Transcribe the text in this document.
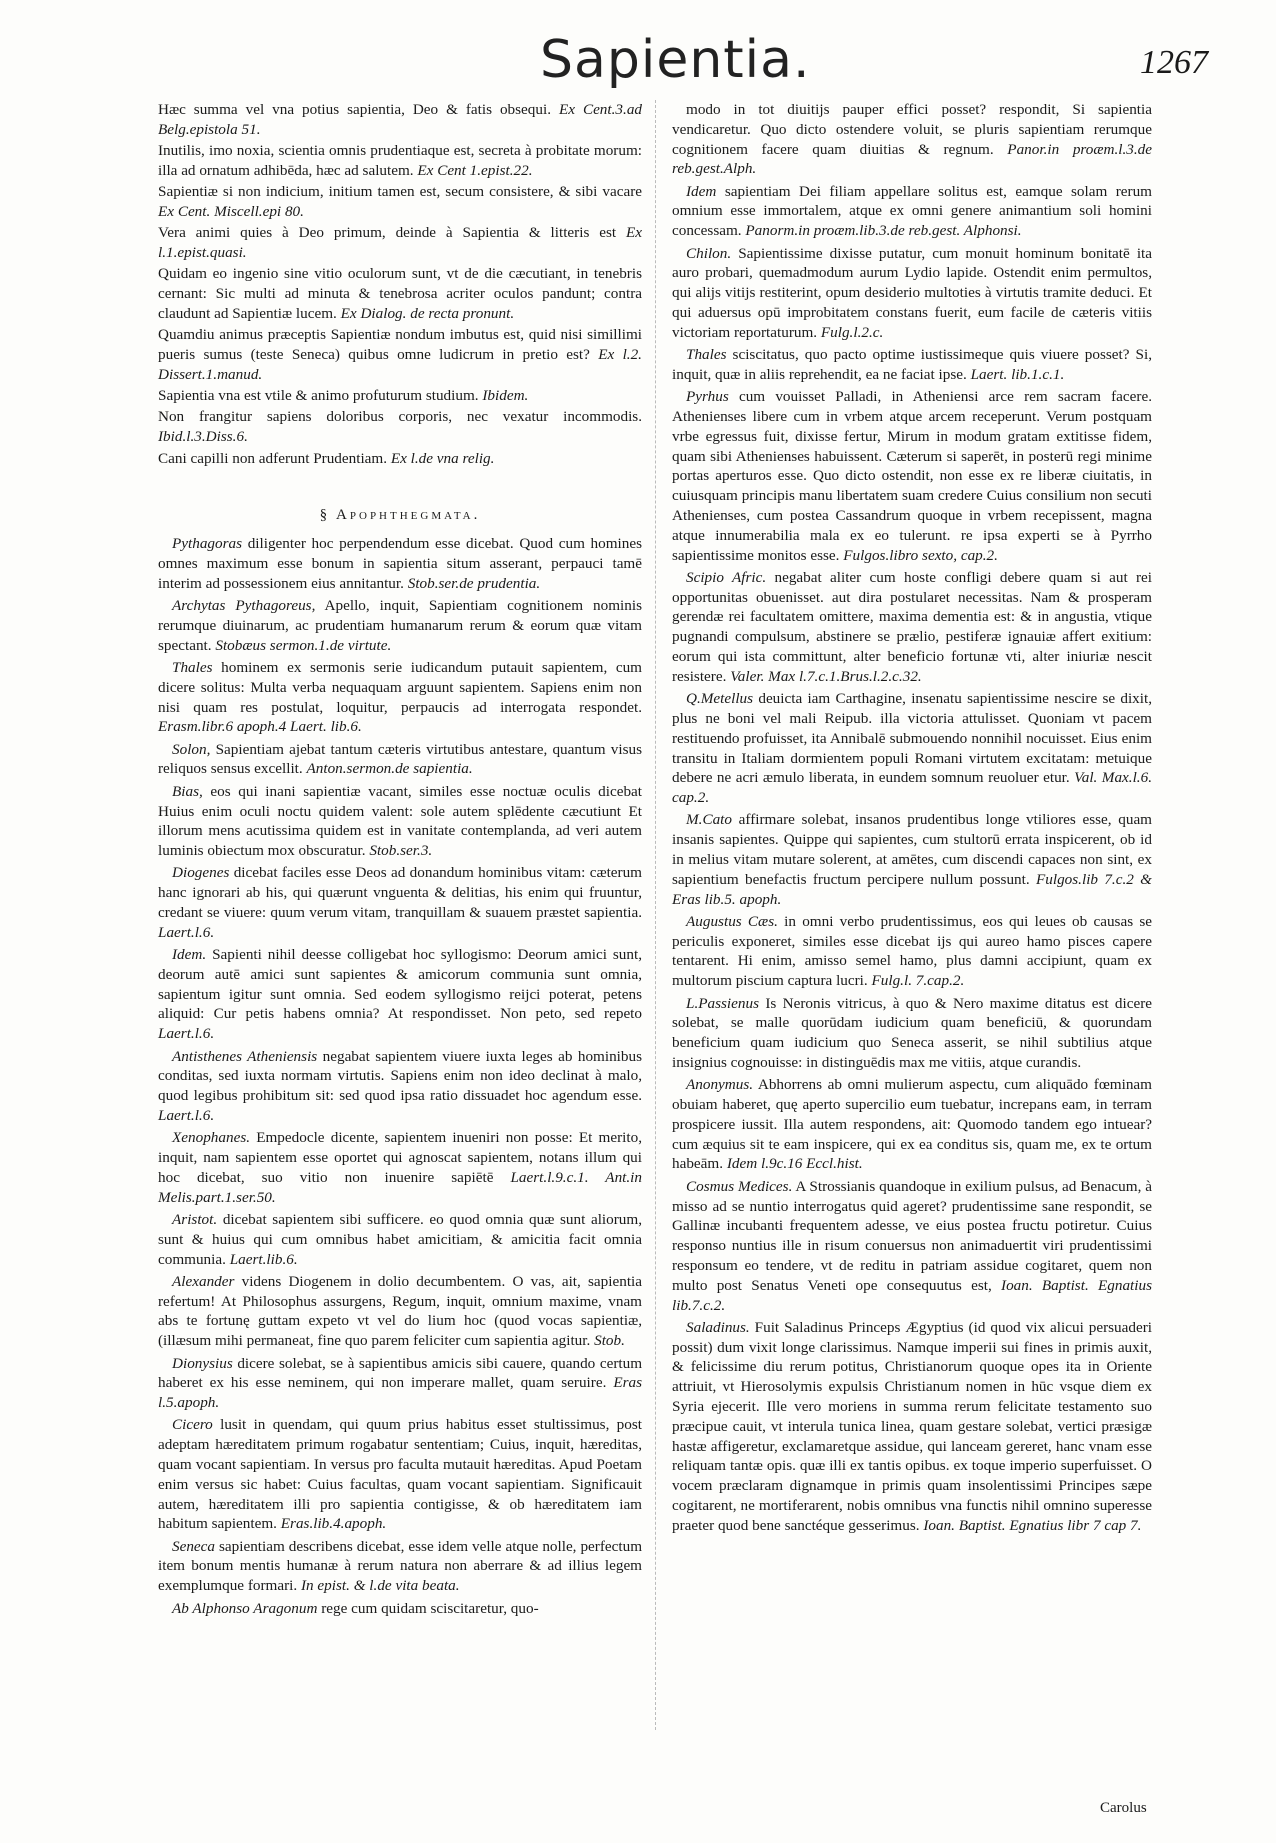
Sapientia.	1267

Hæc summa vel vna potius sapientia, Deo & fatis obsequi. Ex Cent.3.ad Belg.epistola 51.

Inutilis, imo noxia, scientia omnis prudentiaque est, secreta à probitate morum: illa ad ornatum adhibēda, hæc ad salutem. Ex Cent 1.epist.22.

Sapientiæ si non indicium, initium tamen est, secum consistere, & sibi vacare Ex Cent. Miscell.epi 80.

Vera animi quies à Deo primum, deinde à Sapientia & litteris est Ex l.1.epist.quasi.

Quidam eo ingenio sine vitio oculorum sunt, vt de die cæcutiant, in tenebris cernant: Sic multi ad minuta & tenebrosa acriter oculos pandunt; contra claudunt ad Sapientiæ lucem. Ex Dialog. de recta pronunt.

Quamdiu animus præceptis Sapientiæ nondum imbutus est, quid nisi simillimi pueris sumus (teste Seneca) quibus omne ludicrum in pretio est? Ex l.2. Dissert.1.manud.

Sapientia vna est vtile & animo profuturum studium. Ibidem.

Non frangitur sapiens doloribus corporis, nec vexatur incommodis. Ibid.l.3.Diss.6.

Cani capilli non adferunt Prudentiam. Ex l.de vna relig.

§ Apophthegmata.

Pythagoras diligenter hoc perpendendum esse dicebat. Quod cum homines omnes maximum esse bonum in sapientia situm asserant, perpauci tamē interim ad possessionem eius annitantur. Stob.ser.de prudentia.

Archytas Pythagoreus, Apello, inquit, Sapientiam cognitionem nominis rerumque diuinarum, ac prudentiam humanarum rerum & eorum quæ vitam spectant. Stobæus sermon.1.de virtute.

Thales hominem ex sermonis serie iudicandum putauit sapientem, cum dicere solitus: Multa verba nequaquam arguunt sapientem. Sapiens enim non nisi quam res postulat, loquitur, perpaucis ad interrogata respondet. Erasm.libr.6 apoph.4 Laert. lib.6.

Solon, Sapientiam ajebat tantum cæteris virtutibus antestare, quantum visus reliquos sensus excellit. Anton.sermon.de sapientia.

Bias, eos qui inani sapientiæ vacant, similes esse noctuæ oculis dicebat Huius enim oculi noctu quidem valent: sole autem splēdente cæcutiunt Et illorum mens acutissima quidem est in vanitate contemplanda, ad veri autem luminis obiectum mox obscuratur. Stob.ser.3.

Diogenes dicebat faciles esse Deos ad donandum hominibus vitam: cæterum hanc ignorari ab his, qui quærunt vnguenta & delitias, his enim qui fruuntur, credant se viuere: quum verum vitam, tranquillam & suauem præstet sapientia. Laert.l.6.

Idem. Sapienti nihil deesse colligebat hoc syllogismo: Deorum amici sunt, deorum autē amici sunt sapientes & amicorum communia sunt omnia, sapientum igitur sunt omnia. Sed eodem syllogismo reijci poterat, petens aliquid: Cur petis habens omnia? At respondisset. Non peto, sed repeto Laert.l.6.

Antisthenes Atheniensis negabat sapientem viuere iuxta leges ab hominibus conditas, sed iuxta normam virtutis. Sapiens enim non ideo declinat à malo, quod legibus prohibitum sit: sed quod ipsa ratio dissuadet hoc agendum esse. Laert.l.6.

Xenophanes. Empedocle dicente, sapientem inueniri non posse: Et merito, inquit, nam sapientem esse oportet qui agnoscat sapientem, notans illum qui hoc dicebat, suo vitio non inuenire sapiētē Laert.l.9.c.1. Ant.in Melis.part.1.ser.50.

Aristot. dicebat sapientem sibi sufficere. eo quod omnia quæ sunt aliorum, sunt & huius qui cum omnibus habet amicitiam, & amicitia facit omnia communia. Laert.lib.6.

Alexander videns Diogenem in dolio decumbentem. O vas, ait, sapientia refertum! At Philosophus assurgens, Regum, inquit, omnium maxime, vnam abs te fortunę guttam expeto vt vel do lium hoc (quod vocas sapientiæ, (illæsum mihi permaneat, fine quo parem feliciter cum sapientia agitur. Stob.

Dionysius dicere solebat, se à sapientibus amicis sibi cauere, quando certum haberet ex his esse neminem, qui non imperare mallet, quam seruire. Eras l.5.apoph.

Cicero lusit in quendam, qui quum prius habitus esset stultissimus, post adeptam hæreditatem primum rogabatur sententiam; Cuius, inquit, hæreditas, quam vocant sapientiam. In versus pro faculta mutauit hæreditas. Apud Poetam enim versus sic habet: Cuius facultas, quam vocant sapientiam. Significauit autem, hæreditatem illi pro sapientia contigisse, & ob hæreditatem iam habitum sapientem. Eras.lib.4.apoph.

Seneca sapientiam describens dicebat, esse idem velle atque nolle, perfectum item bonum mentis humanæ à rerum natura non aberrare & ad illius legem exemplumque formari. In epist. & l.de vita beata.

Ab Alphonso Aragonum rege cum quidam sciscitaretur, quo-

modo in tot diuitijs pauper effici posset? respondit, Si sapientia vendicaretur. Quo dicto ostendere voluit, se pluris sapientiam rerumque cognitionem facere quam diuitias & regnum. Panor.in proæm.l.3.de reb.gest.Alph.

Idem sapientiam Dei filiam appellare solitus est, eamque solam rerum omnium esse immortalem, atque ex omni genere animantium soli homini concessam. Panorm.in proæm.lib.3.de reb.gest. Alphonsi.

Chilon. Sapientissime dixisse putatur, cum monuit hominum bonitatē ita auro probari, quemadmodum aurum Lydio lapide. Ostendit enim permultos, qui alijs vitijs restiterint, opum desiderio multoties à virtutis tramite deduci. Et qui aduersus opū improbitatem constans fuerit, eum facile de cæteris vitiis victoriam reportaturum. Fulg.l.2.c.

Thales sciscitatus, quo pacto optime iustissimeque quis viuere posset? Si, inquit, quæ in aliis reprehendit, ea ne faciat ipse. Laert. lib.1.c.1.

Pyrhus cum vouisset Palladi, in Atheniensi arce rem sacram facere. Athenienses libere cum in vrbem atque arcem receperunt. Verum postquam vrbe egressus fuit, dixisse fertur, Mirum in modum gratam extitisse fidem, quam sibi Athenienses habuissent. Cæterum si saperēt, in posterū regi minime portas aperturos esse. Quo dicto ostendit, non esse ex re liberæ ciuitatis, in cuiusquam principis manu libertatem suam credere Cuius consilium non secuti Athenienses, cum postea Cassandrum quoque in vrbem recepissent, magna atque innumerabilia mala ex eo tulerunt. re ipsa experti se à Pyrrho sapientissime monitos esse. Fulgos.libro sexto, cap.2.

Scipio Afric. negabat aliter cum hoste confligi debere quam si aut rei opportunitas obuenisset. aut dira postularet necessitas. Nam & prosperam gerendæ rei facultatem omittere, maxima dementia est: & in angustia, vtique pugnandi compulsum, abstinere se prælio, pestiferæ ignauiæ affert exitium: eorum qui ista committunt, alter beneficio fortunæ vti, alter iniuriæ nescit resistere. Valer. Max l.7.c.1.Brus.l.2.c.32.

Q.Metellus deuicta iam Carthagine, insenatu sapientissime nescire se dixit, plus ne boni vel mali Reipub. illa victoria attulisset. Quoniam vt pacem restituendo profuisset, ita Annibalē submouendo nonnihil nocuisset. Eius enim transitu in Italiam dormientem populi Romani virtutem excitatam: metuique debere ne acri æmulo liberata, in eundem somnum reuoluer etur. Val. Max.l.6. cap.2.

M.Cato affirmare solebat, insanos prudentibus longe vtiliores esse, quam insanis sapientes. Quippe qui sapientes, cum stultorū errata inspicerent, ob id in melius vitam mutare solerent, at amētes, cum discendi capaces non sint, ex sapientium benefactis fructum percipere nullum possunt. Fulgos.lib 7.c.2 & Eras lib.5. apoph.

Augustus Cæs. in omni verbo prudentissimus, eos qui leues ob causas se periculis exponeret, similes esse dicebat ijs qui aureo hamo pisces capere tentarent. Hi enim, amisso semel hamo, plus damni accipiunt, quam ex multorum piscium captura lucri. Fulg.l. 7.cap.2.

L.Passienus Is Neronis vitricus, à quo & Nero maxime ditatus est dicere solebat, se malle quorūdam iudicium quam beneficiū, & quorundam beneficium quam iudicium quo Seneca asserit, se nihil subtilius atque insignius cognouisse: in distinguēdis max me vitiis, atque curandis.

Anonymus. Abhorrens ab omni mulierum aspectu, cum aliquādo fœminam obuiam haberet, quę aperto supercilio eum tuebatur, increpans eam, in terram prospicere iussit. Illa autem respondens, ait: Quomodo tandem ego intuear? cum æquius sit te eam inspicere, qui ex ea conditus sis, quam me, ex te ortum habeām. Idem l.9c.16 Eccl.hist.

Cosmus Medices. A Strossianis quandoque in exilium pulsus, ad Benacum, à misso ad se nuntio interrogatus quid ageret? prudentissime sane respondit, se Gallinæ incubanti frequentem adesse, ve eius postea fructu potiretur. Cuius responso nuntius ille in risum conuersus non animaduertit viri prudentissimi responsum eo tendere, vt de reditu in patriam assidue cogitaret, quem non multo post Senatus Veneti ope consequutus est, Ioan. Baptist. Egnatius lib.7.c.2.

Saladinus. Fuit Saladinus Princeps Ægyptius (id quod vix alicui persuaderi possit) dum vixit longe clarissimus. Namque imperii sui fines in primis auxit, & felicissime diu rerum potitus, Christianorum quoque opes ita in Oriente attriuit, vt Hierosolymis expulsis Christianum nomen in hūc vsque diem ex Syria ejecerit. Ille vero moriens in summa rerum felicitate testamento suo præcipue cauit, vt interula tunica linea, quam gestare solebat, vertici præsigæ hastæ affigeretur, exclamaretque assidue, qui lanceam gereret, hanc vnam esse reliquam tantæ opis. quæ illi ex tantis opibus. ex toque imperio superfuisset. O vocem præclaram dignamque in primis quam insolentissimi Principes sæpe cogitarent, ne mortiferarent, nobis omnibus vna functis nihil omnino superesse praeter quod bene sanctéque gesserimus. Ioan. Baptist. Egnatius libr 7 cap 7.

Carolus
